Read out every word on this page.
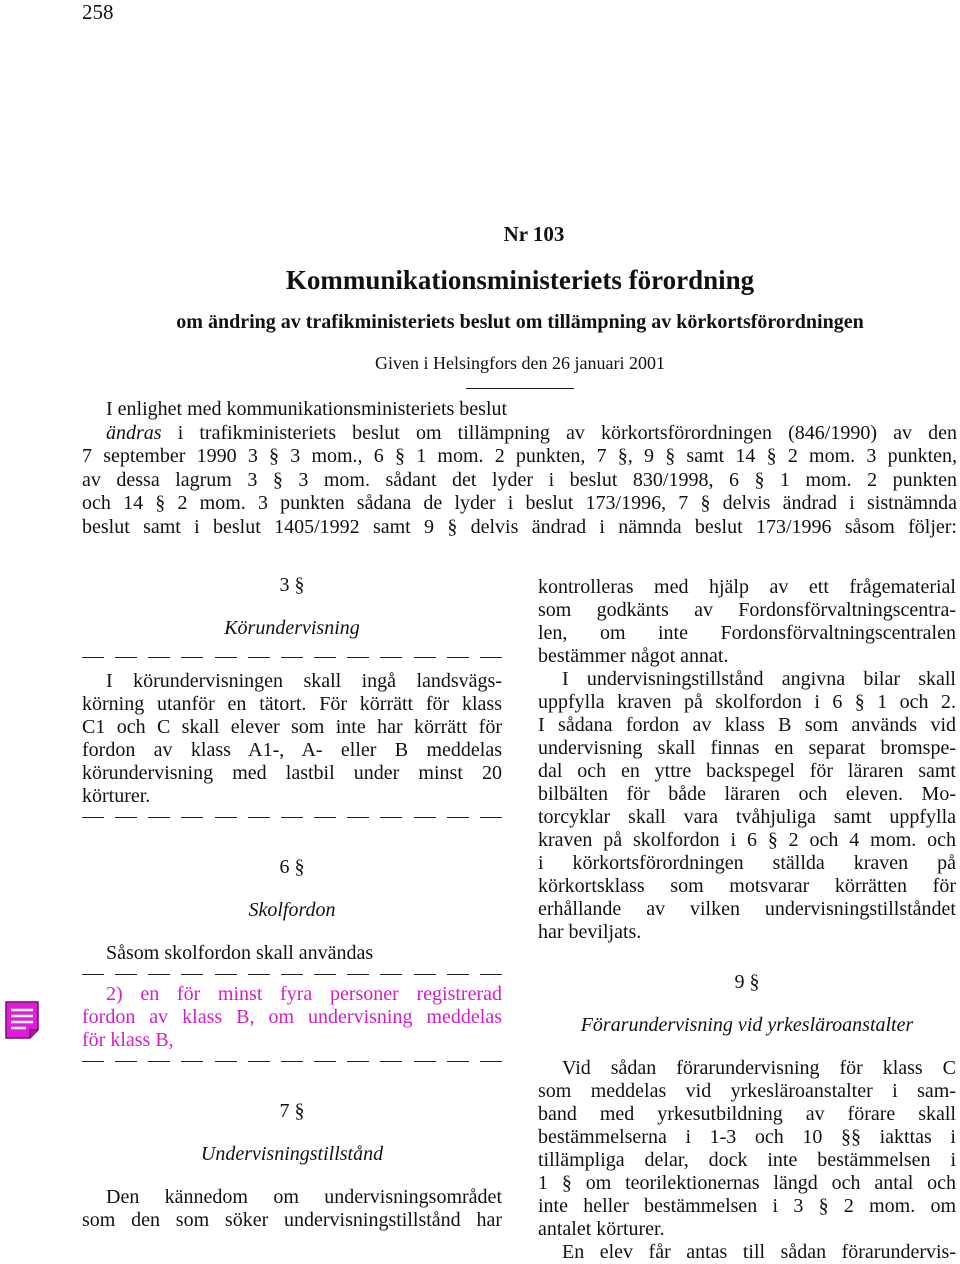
258
Nr 103
Kommunikationsministeriets förordning
om ändring av trafikministeriets beslut om tillämpning av körkortsförordningen
Given i Helsingfors den 26 januari 2001
I enlighet med kommunikationsministeriets beslut
ändras i trafikministeriets beslut om tillämpning av körkortsförordningen (846/1990) av den
7 september 1990 3 § 3 mom., 6 § 1 mom. 2 punkten, 7 §, 9 § samt 14 § 2 mom. 3 punkten,
av dessa lagrum 3 § 3 mom. sådant det lyder i beslut 830/1998, 6 § 1 mom. 2 punkten
och 14 § 2 mom. 3 punkten sådana de lyder i beslut 173/1996, 7 § delvis ändrad i sistnämnda
beslut samt i beslut 1405/1992 samt 9 § delvis ändrad i nämnda beslut 173/1996 såsom följer:

3 §

Körundervisning

I körundervisningen skall ingå landsvägs-
körning utanför en tätort. För körrätt för klass
C1 och C skall elever som inte har körrätt för
fordon av klass A1-, A- eller B meddelas
körundervisning med lastbil under minst 20
körturer.

6 §

Skolfordon

Såsom skolfordon skall användas
2) en för minst fyra personer registrerad
fordon av klass B, om undervisning meddelas
för klass B,

7 §

Undervisningstillstånd

Den kännedom om undervisningsområdet
som den som söker undervisningstillstånd har
kontrolleras med hjälp av ett frågematerial
som godkänts av Fordonsförvaltningscentra-
len, om inte Fordonsförvaltningscentralen
bestämmer något annat.
I undervisningstillstånd angivna bilar skall
uppfylla kraven på skolfordon i 6 § 1 och 2.
I sådana fordon av klass B som används vid
undervisning skall finnas en separat bromspe-
dal och en yttre backspegel för läraren samt
bilbälten för både läraren och eleven. Mo-
torcyklar skall vara tvåhjuliga samt uppfylla
kraven på skolfordon i 6 § 2 och 4 mom. och
i körkortsförordningen ställda kraven på
körkortsklass som motsvarar körrätten för
erhållande av vilken undervisningstillståndet
har beviljats.

9 §

Förarundervisning vid yrkesläroanstalter

Vid sådan förarundervisning för klass C
som meddelas vid yrkesläroanstalter i sam-
band med yrkesutbildning av förare skall
bestämmelserna i 1-3 och 10 §§ iakttas i
tillämpliga delar, dock inte bestämmelsen i
1 § om teorilektionernas längd och antal och
inte heller bestämmelsen i 3 § 2 mom. om
antalet körturer.
En elev får antas till sådan förarundervis-
